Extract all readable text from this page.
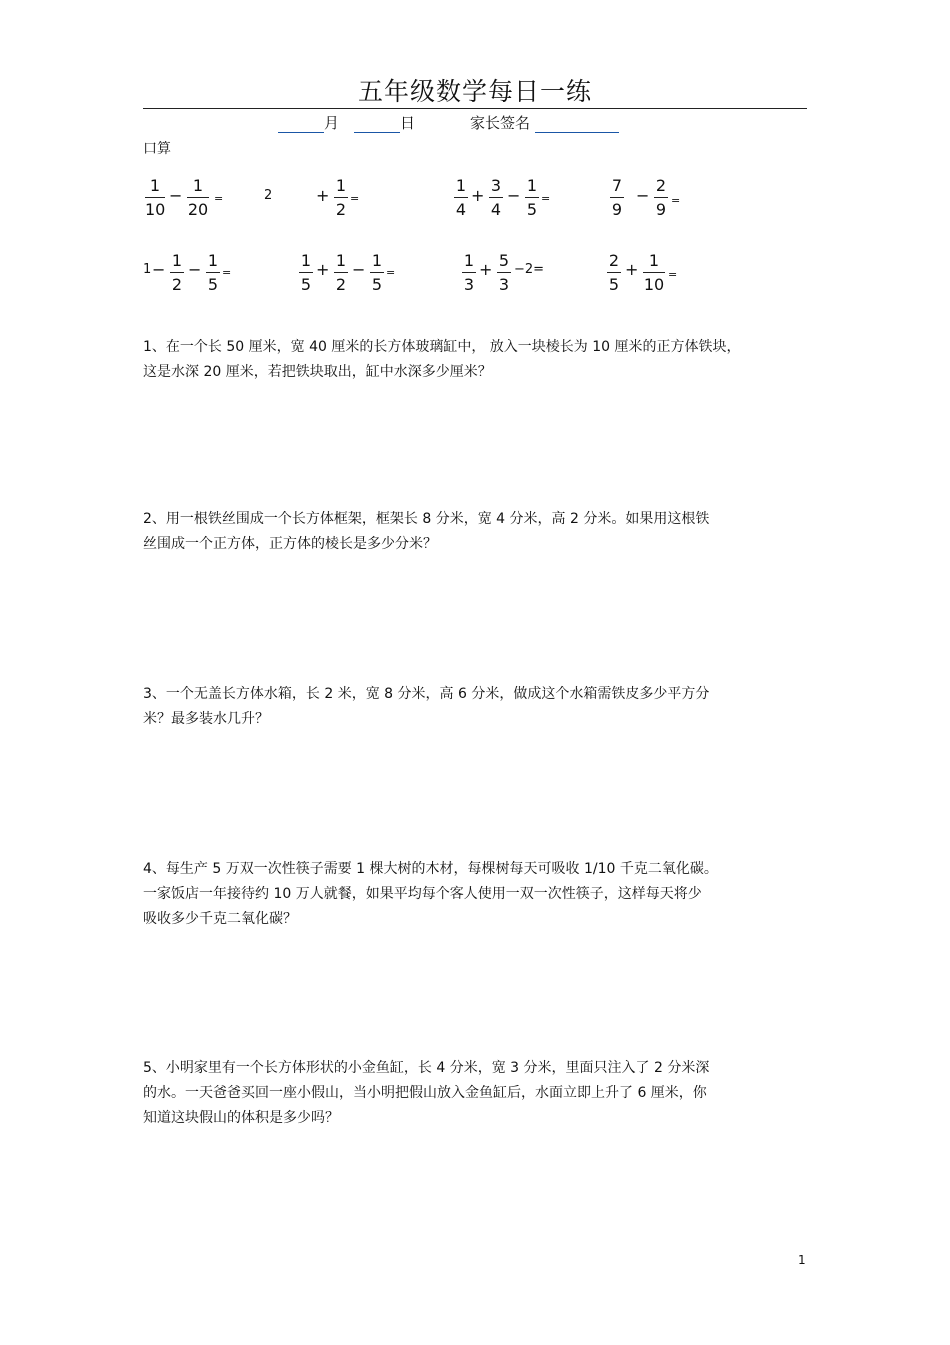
五年级数学每日一练
月	日	家长签名
口算
1
10
−
1
20
=	2	+
1
2
=
1
4
+
3
4
−
1
5
=
7
9
−
2
9 =
1 − 1
2
− 1
5
=
1
5
+ 1
2
− 1
5
=
1
3
+ 5
3
−2=	2
5
+ 1
10
=
1、在一个长 50 厘米，宽 40 厘米的长方体玻璃缸中， 放入一块棱长为 10 厘米的正方体铁块，
这是水深 20 厘米，若把铁块取出，缸中水深多少厘米？
2、用一根铁丝围成一个长方体框架，框架长 8 分米，宽 4 分米，高 2 分米。如果用这根铁
丝围成一个正方体，正方体的棱长是多少分米？
3、一个无盖长方体水箱，长 2 米，宽 8 分米，高 6 分米，做成这个水箱需铁皮多少平方分
米？最多装水几升？
4、每生产 5 万双一次性筷子需要 1 棵大树的木材，每棵树每天可吸收 1/10 千克二氧化碳。
一家饭店一年接待约 10 万人就餐，如果平均每个客人使用一双一次性筷子，这样每天将少
吸收多少千克二氧化碳？
5、小明家里有一个长方体形状的小金鱼缸，长 4 分米，宽 3 分米，里面只注入了 2 分米深
的水。一天爸爸买回一座小假山，当小明把假山放入金鱼缸后，水面立即上升了 6 厘米，你
知道这块假山的体积是多少吗？
1
